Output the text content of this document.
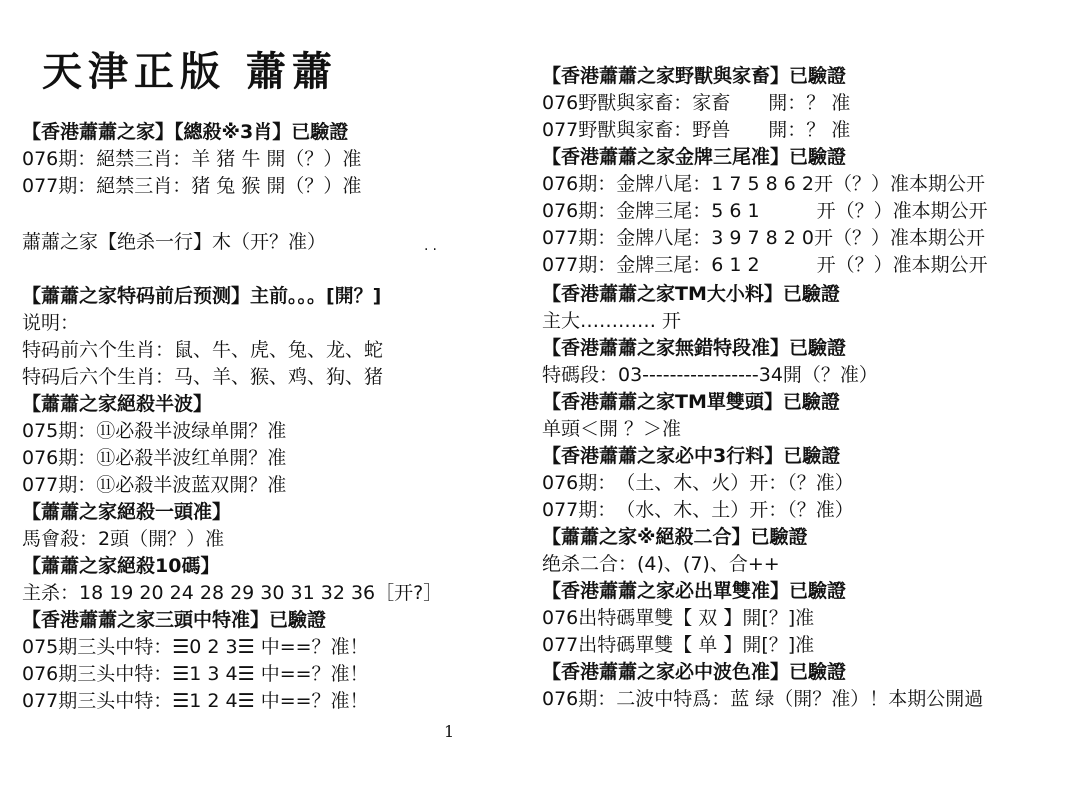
天津正版 蕭蕭
..
【香港蕭蕭之家】【總殺※3肖】已驗證
076期：絕禁三肖：羊 猪 牛 開（？）准
077期：絕禁三肖：猪 兔 猴 開（？）准
蕭蕭之家【绝杀一行】木（开？准）
【蕭蕭之家特码前后预测】主前。。。[開？]
说明：
特码前六个生肖：鼠、牛、虎、兔、龙、蛇
特码后六个生肖：马、羊、猴、鸡、狗、猪
【蕭蕭之家絕殺半波】
075期：⑪必殺半波绿单開？准
076期：⑪必殺半波红单開？准
077期：⑪必殺半波蓝双開？准
【蕭蕭之家絕殺一頭准】
馬會殺：2頭（開？）准
【蕭蕭之家絕殺10碼】
主杀：18 19 20 24 28 29 30 31 32 36［开?］
【香港蕭蕭之家三頭中特准】已驗證
075期三头中特：☰0 2 3☰ 中==？准！
076期三头中特：☰1 3 4☰ 中==？准！
077期三头中特：☰1 2 4☰ 中==？准！
【香港蕭蕭之家野獸與家畜】已驗證
076野獸與家畜：家畜　　開：？ 准
077野獸與家畜：野兽　　開：？ 准
【香港蕭蕭之家金牌三尾准】已驗證
076期：金牌八尾：1 7 5 8 6 2开（？）准本期公开
076期：金牌三尾：5 6 1　　　开（？）准本期公开
077期：金牌八尾：3 9 7 8 2 0开（？）准本期公开
077期：金牌三尾：6 1 2　　　开（？）准本期公开
【香港蕭蕭之家TM大小料】已驗證
主大………… 开
【香港蕭蕭之家無錯特段准】已驗證
特碼段：03-----------------34開（？准）
【香港蕭蕭之家TM單雙頭】已驗證
单頭＜開 ？＞准
【香港蕭蕭之家必中3行料】已驗證
076期：　（土、木、火）开：（？准）
077期：　（水、木、土）开：（？准）
【蕭蕭之家※絕殺二合】已驗證
绝杀二合：(4)、(7)、合++
【香港蕭蕭之家必出單雙准】已驗證
076出特碼單雙【 双 】開[？]准
077出特碼單雙【 单 】開[？]准
【香港蕭蕭之家必中波色准】已驗證
076期：二波中特爲：蓝 绿（開？准）！本期公開過
1
